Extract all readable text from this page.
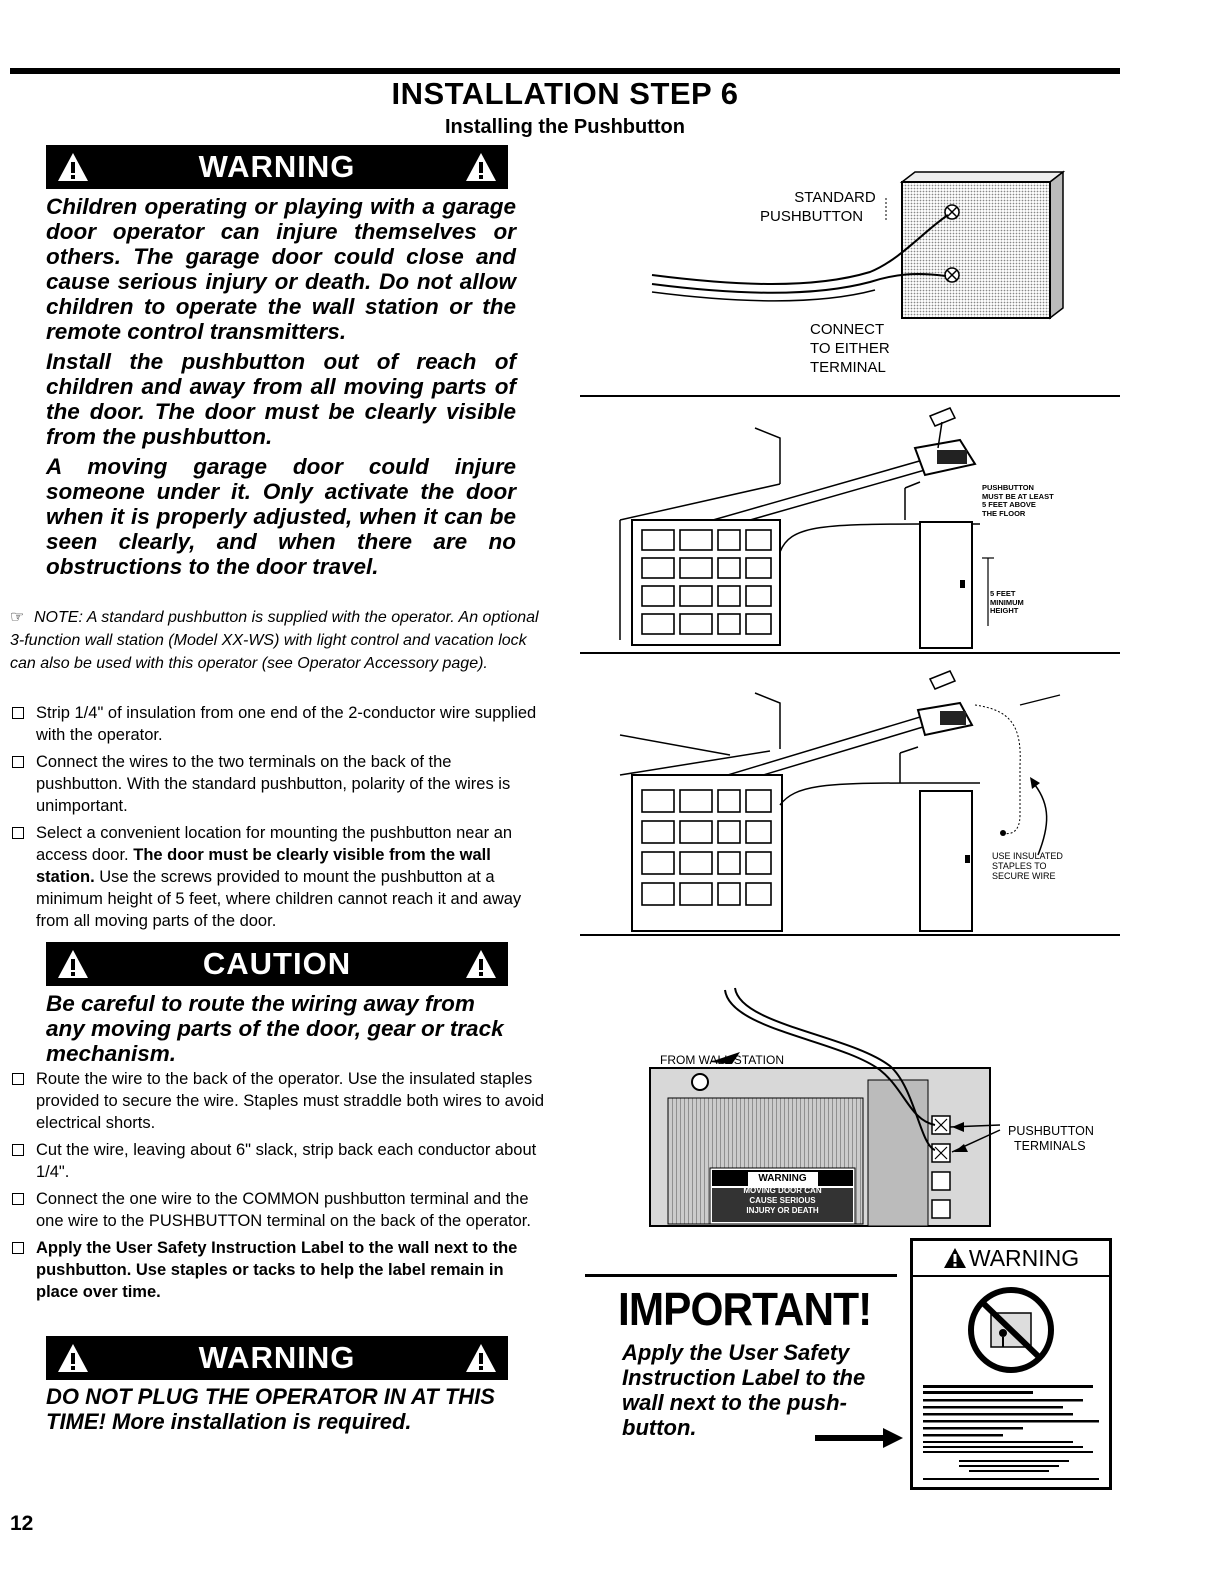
INSTALLATION STEP 6
Installing the Pushbutton
WARNING

Children operating or playing with a garage door operator can injure themselves or others. The garage door could close and cause serious injury or death. Do not allow children to operate the wall station or the remote control transmitters.

Install the pushbutton out of reach of children and away from all moving parts of the door. The door must be clearly visible from the pushbutton.

A moving garage door could injure someone under it. Only activate the door when it is properly adjusted, when it can be seen clearly, and when there are no obstructions to the door travel.

☞ NOTE: A standard pushbutton is supplied with the operator. An optional 3-function wall station (Model XX-WS) with light control and vacation lock can also be used with this operator (see Operator Accessory page).
Strip 1/4" of insulation from one end of the 2-conductor wire supplied with the operator.
Connect the wires to the two terminals on the back of the pushbutton. With the standard pushbutton, polarity of the wires is unimportant.
Select a convenient location for mounting the pushbutton near an access door. The door must be clearly visible from the wall station. Use the screws provided to mount the pushbutton at a minimum height of 5 feet, where children cannot reach it and away from all moving parts of the door.
CAUTION
Be careful to route the wiring away from any moving parts of the door, gear or track mechanism.
Route the wire to the back of the operator. Use the insulated staples provided to secure the wire. Staples must straddle both wires to avoid electrical shorts.
Cut the wire, leaving about 6" slack, strip back each conductor about 1/4".
Connect the one wire to the COMMON pushbutton terminal and the one wire to the PUSHBUTTON terminal on the back of the operator.
Apply the User Safety Instruction Label to the wall next to the pushbutton. Use staples or tacks to help the label remain in place over time.
WARNING
DO NOT PLUG THE OPERATOR IN AT THIS TIME! More installation is required.
12
STANDARD
PUSHBUTTON
CONNECT
TO EITHER
TERMINAL
PUSHBUTTON
MUST BE AT LEAST
5 FEET ABOVE
THE FLOOR
5 FEET
MINIMUM
HEIGHT
USE INSULATED
STAPLES TO
SECURE WIRE
FROM WALL STATION
PUSHBUTTON
TERMINALS
WARNING
MOVING DOOR CAN
CAUSE SERIOUS
INJURY OR DEATH
IMPORTANT!
Apply the User Safety Instruction Label to the wall next to the push-button.
WARNING
